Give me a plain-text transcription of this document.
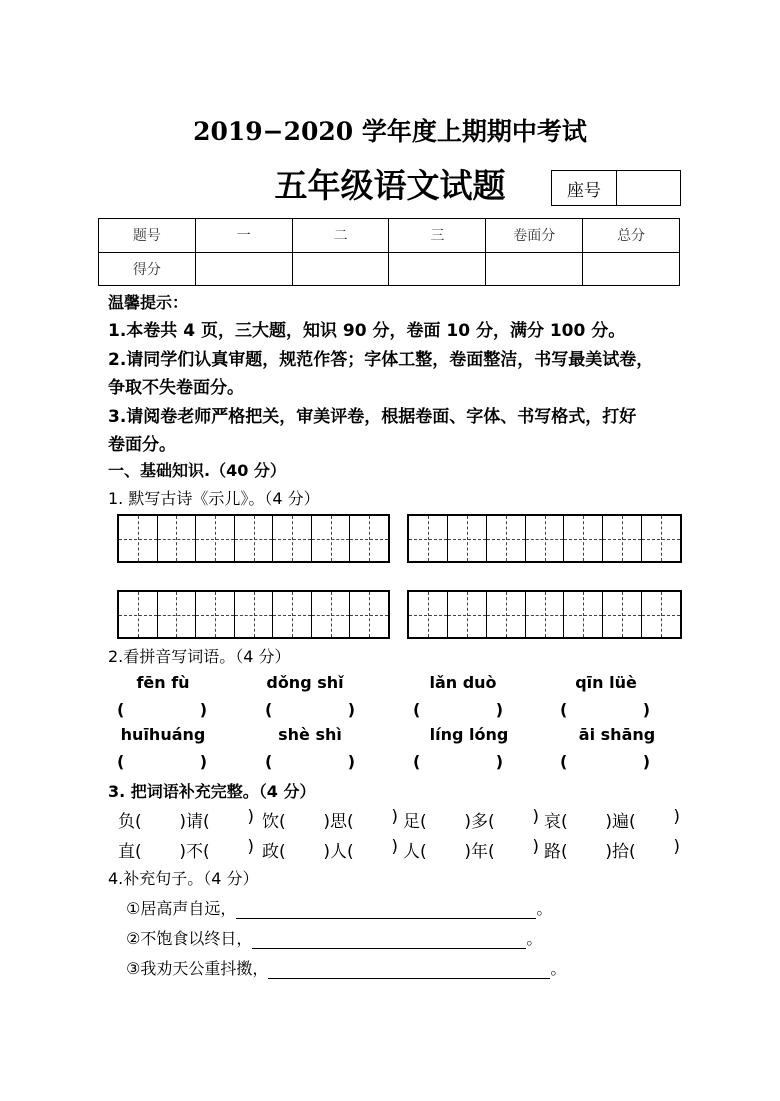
2019−2020 学年度上期期中考试
五年级语文试题	座号
题号	一	二	三	卷面分	总分
得分					
温馨提示：
1.本卷共 4 页，三大题，知识 90 分，卷面 10 分，满分 100 分。
2.请同学们认真审题，规范作答；字体工整，卷面整洁，书写最美试卷，
争取不失卷面分。
3.请阅卷老师严格把关，审美评卷，根据卷面、字体、书写格式，打好
卷面分。
一、基础知识.（40 分）
1. 默写古诗《示儿》。（4 分）
2.看拼音写词语。（4 分）
fēn fù	dǒng shǐ	lǎn duò	qīn lüè
(	)	(	)	(	)	(	)
huīhuáng	shè shì	líng lóng	āi shāng
(	)	(	)	(	)	(	)
3. 把词语补充完整。（4 分）
负( )请( ) 饮( )思( ) 足( )多( ) 哀( )遍( )
直( )不( ) 政( )人( ) 人( )年( ) 路( )拾( )
4.补充句子。（4 分）
①居高声自远，	。
②不饱食以终日，	。
③我劝天公重抖擞，	。
